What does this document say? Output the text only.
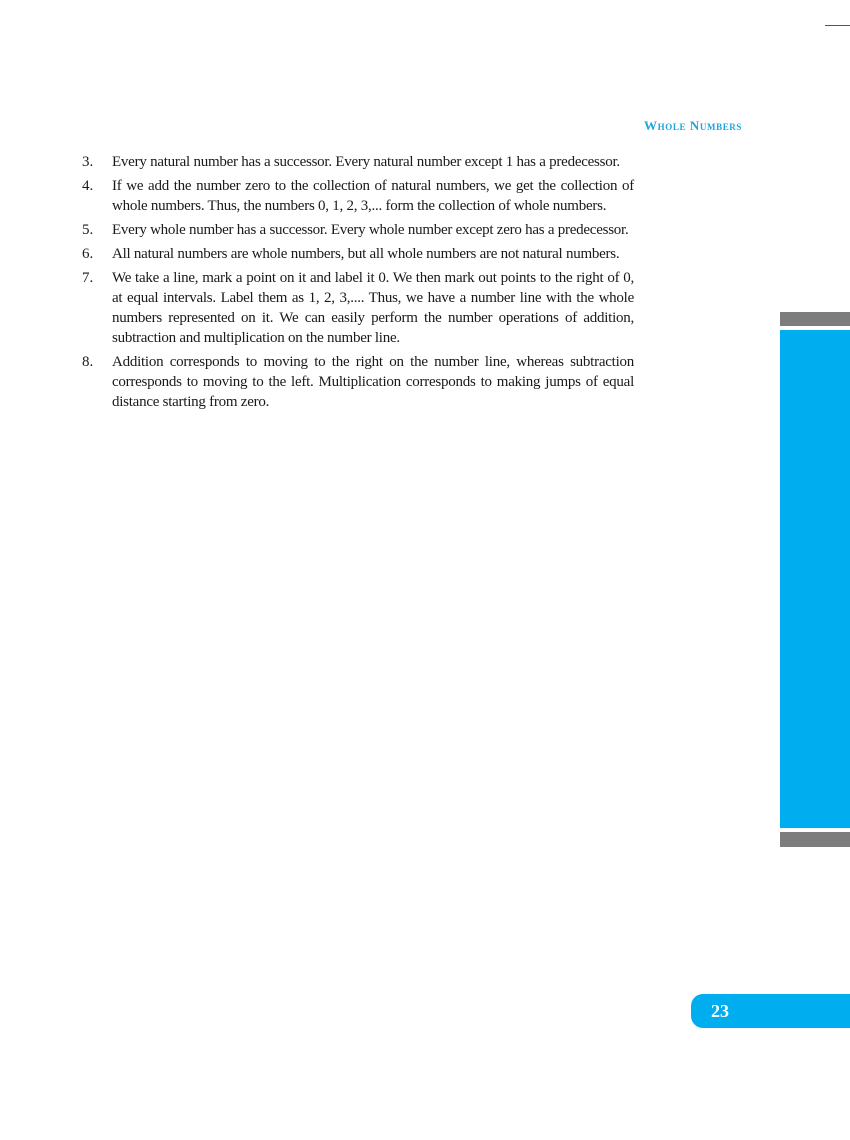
Whole Numbers
3.	Every natural number has a successor. Every natural number except 1 has a predecessor.
4.	If we add the number zero to the collection of natural numbers, we get the collection of whole numbers. Thus, the numbers 0, 1, 2, 3,... form the collection of whole numbers.
5.	Every whole number has a successor. Every whole number except zero has a predecessor.
6.	All natural numbers are whole numbers, but all whole numbers are not natural numbers.
7.	We take a line, mark a point on it and label it 0. We then mark out points to the right of 0, at equal intervals. Label them as 1, 2, 3,.... Thus, we have a number line with the whole numbers represented on it. We can easily perform the number operations of addition, subtraction and multiplication on the number line.
8.	Addition corresponds to moving to the right on the number line, whereas subtraction corresponds to moving to the left. Multiplication corresponds to making jumps of equal distance starting from zero.
23
